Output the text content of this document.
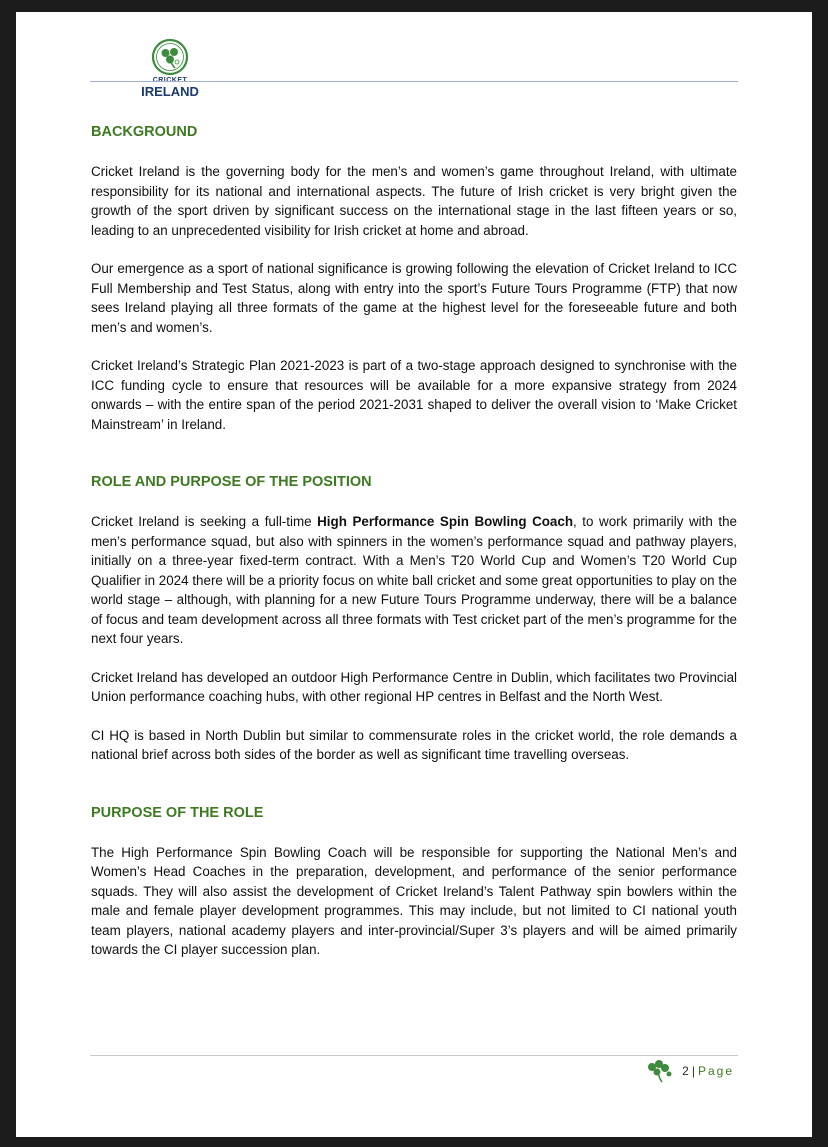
IRELAND
BACKGROUND

Cricket Ireland is the governing body for the men’s and women’s game throughout Ireland, with ultimate responsibility for its national and international aspects. The future of Irish cricket is very bright given the growth of the sport driven by significant success on the international stage in the last fifteen years or so, leading to an unprecedented visibility for Irish cricket at home and abroad.

Our emergence as a sport of national significance is growing following the elevation of Cricket Ireland to ICC Full Membership and Test Status, along with entry into the sport’s Future Tours Programme (FTP) that now sees Ireland playing all three formats of the game at the highest level for the foreseeable future and both men’s and women’s.

Cricket Ireland’s Strategic Plan 2021-2023 is part of a two-stage approach designed to synchronise with the ICC funding cycle to ensure that resources will be available for a more expansive strategy from 2024 onwards – with the entire span of the period 2021-2031 shaped to deliver the overall vision to ‘Make Cricket Mainstream’ in Ireland.

ROLE AND PURPOSE OF THE POSITION

Cricket Ireland is seeking a full-time High Performance Spin Bowling Coach, to work primarily with the men’s performance squad, but also with spinners in the women’s performance squad and pathway players, initially on a three-year fixed-term contract. With a Men’s T20 World Cup and Women’s T20 World Cup Qualifier in 2024 there will be a priority focus on white ball cricket and some great opportunities to play on the world stage – although, with planning for a new Future Tours Programme underway, there will be a balance of focus and team development across all three formats with Test cricket part of the men’s programme for the next four years.

Cricket Ireland has developed an outdoor High Performance Centre in Dublin, which facilitates two Provincial Union performance coaching hubs, with other regional HP centres in Belfast and the North West.

CI HQ is based in North Dublin but similar to commensurate roles in the cricket world, the role demands a national brief across both sides of the border as well as significant time travelling overseas.

PURPOSE OF THE ROLE

The High Performance Spin Bowling Coach will be responsible for supporting the National Men’s and Women’s Head Coaches in the preparation, development, and performance of the senior performance squads. They will also assist the development of Cricket Ireland’s Talent Pathway spin bowlers within the male and female player development programmes. This may include, but not limited to CI national youth team players, national academy players and inter-provincial/Super 3’s players and will be aimed primarily towards the CI player succession plan.

2 | Page
